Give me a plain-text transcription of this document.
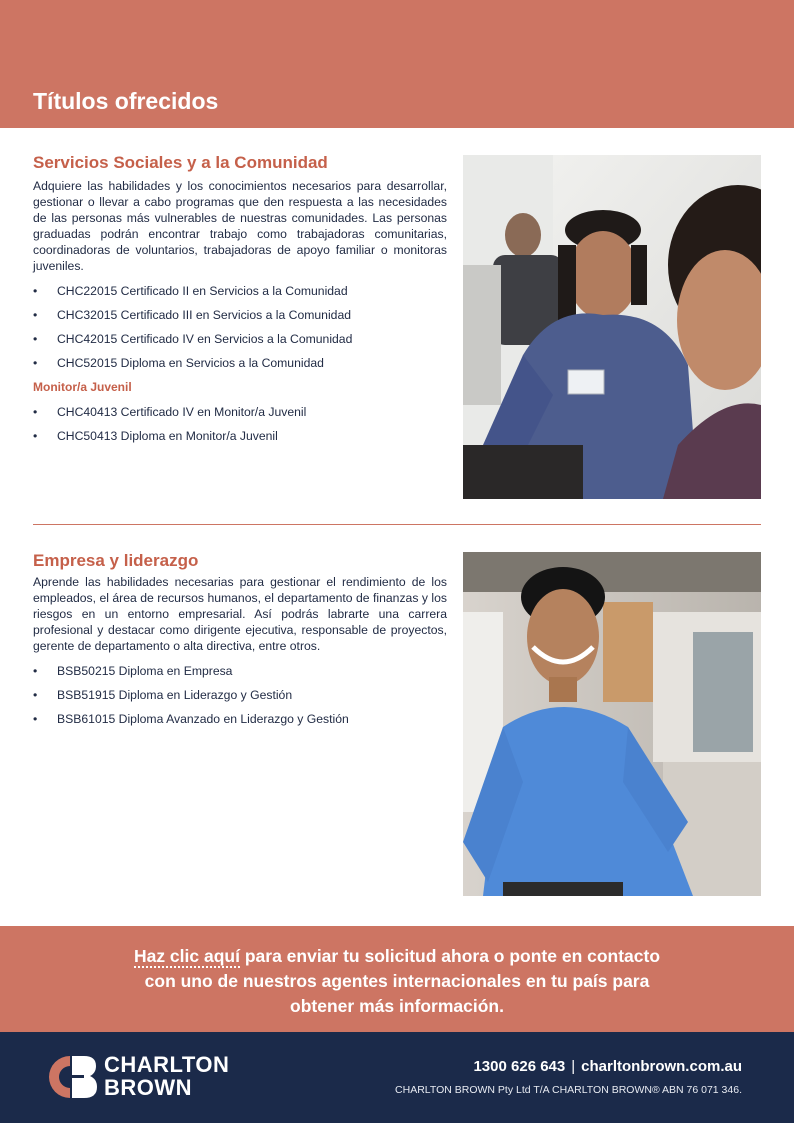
Títulos ofrecidos
Servicios Sociales y a la Comunidad

Adquiere las habilidades y los conocimientos necesarios para desarrollar, gestionar o llevar a cabo programas que den respuesta a las necesidades de las personas más vulnerables de nuestras comunidades. Las personas graduadas podrán encontrar trabajo como trabajadoras comunitarias, coordinadoras de voluntarios, trabajadoras de apoyo familiar o monitoras juveniles.

• CHC22015 Certificado II en Servicios a la Comunidad
• CHC32015 Certificado III en Servicios a la Comunidad
• CHC42015 Certificado IV en Servicios a la Comunidad
• CHC52015 Diploma en Servicios a la Comunidad
Monitor/a Juvenil
• CHC40413 Certificado IV en Monitor/a Juvenil
• CHC50413 Diploma en Monitor/a Juvenil
Empresa y liderazgo

Aprende las habilidades necesarias para gestionar el rendimiento de los empleados, el área de recursos humanos, el departamento de finanzas y los riesgos en un entorno empresarial. Así podrás labrarte una carrera profesional y destacar como dirigente ejecutiva, responsable de proyectos, gerente de departamento o alta directiva, entre otros.

• BSB50215 Diploma en Empresa
• BSB51915 Diploma en Liderazgo y Gestión
• BSB61015 Diploma Avanzado en Liderazgo y Gestión
Haz clic aquí para enviar tu solicitud ahora o ponte en contacto
con uno de nuestros agentes internacionales en tu país para
obtener más información.
CHARLTON
BROWN
1300 626 643 | charltonbrown.com.au
CHARLTON BROWN Pty Ltd T/A CHARLTON BROWN® ABN 76 071 346.
